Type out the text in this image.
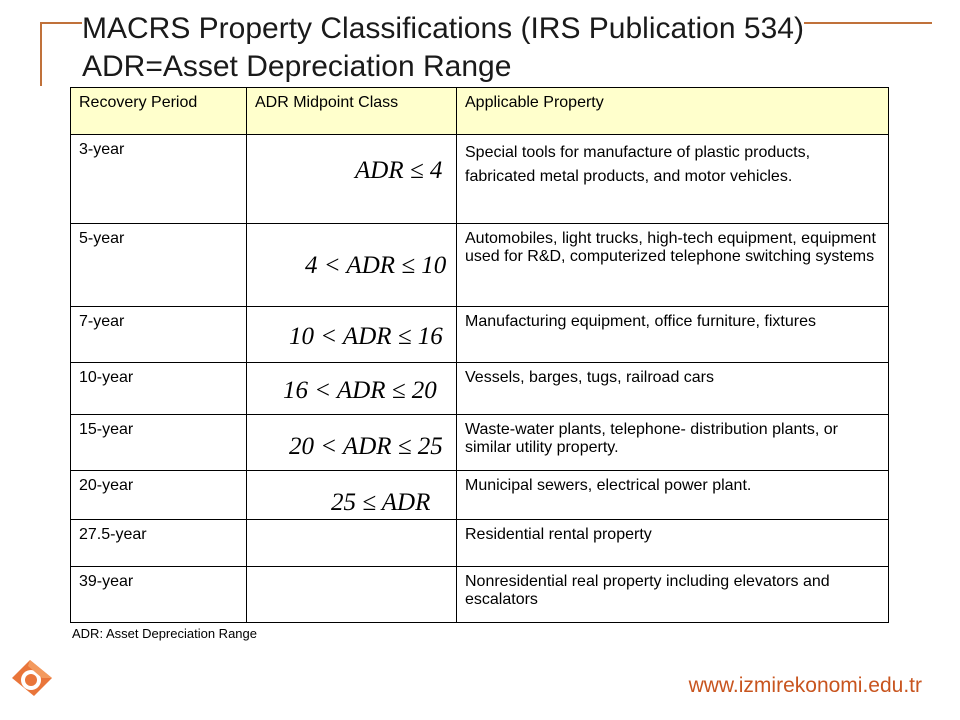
MACRS Property Classifications (IRS Publication 534) ADR=Asset Depreciation Range
Recovery Period	ADR Midpoint Class	Applicable Property
3-year	ADR ≤ 4	Special tools for manufacture of plastic products, fabricated metal products, and motor vehicles.
5-year	4 < ADR ≤ 10	Automobiles, light trucks, high-tech equipment, equipment used for R&D, computerized telephone switching systems
7-year	10 < ADR ≤ 16	Manufacturing equipment, office furniture, fixtures
10-year	16 < ADR ≤ 20	Vessels, barges, tugs, railroad cars
15-year	20 < ADR ≤ 25	Waste-water plants, telephone- distribution plants, or similar utility property.
20-year	25 ≤ ADR	Municipal sewers, electrical power plant.
27.5-year		Residential rental property
39-year		Nonresidential real property including elevators and escalators
ADR: Asset Depreciation Range
www.izmirekonomi.edu.tr
